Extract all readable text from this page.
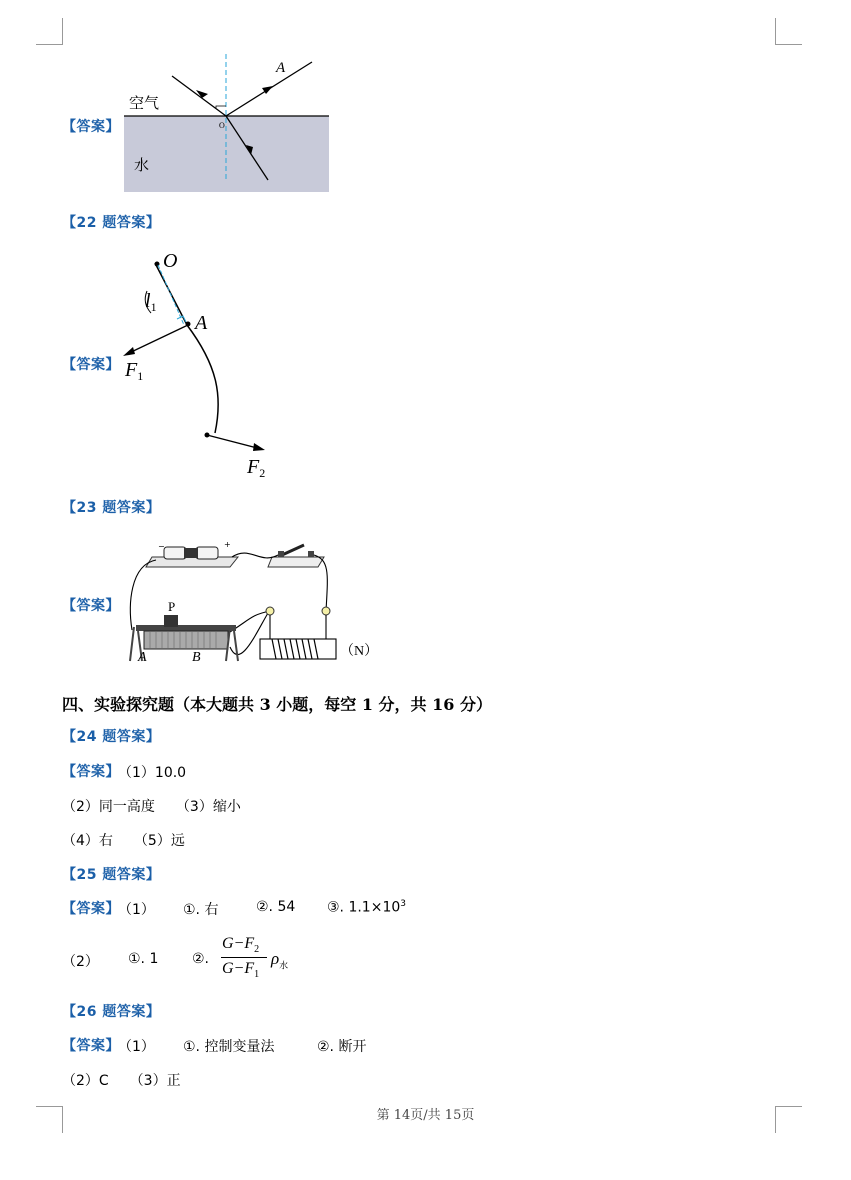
【答案】
空气
水
A
O
【22 题答案】
【答案】
O
$l_1$
A
$F_1$
$F_2$
【23 题答案】
【答案】
−	+
P
A	B	（N）
四、实验探究题（本大题共 3 小题，每空 1 分，共 16 分）
【24 题答案】
【答案】
（1）10.0
（2）同一高度　　（3）缩小
（4）右　　（5）远
【25 题答案】
【答案】
（1） ①. 右	②. 54 ③. $1.1\times 10^3$
（2） ①. 1 ②.
$G-F_2$
$G-F_1$
$\rho_水$
【26 题答案】
【答案】
（1） ①. 控制变量法	②. 断开
（2）C　　（3）正
第 14页/共 15页
